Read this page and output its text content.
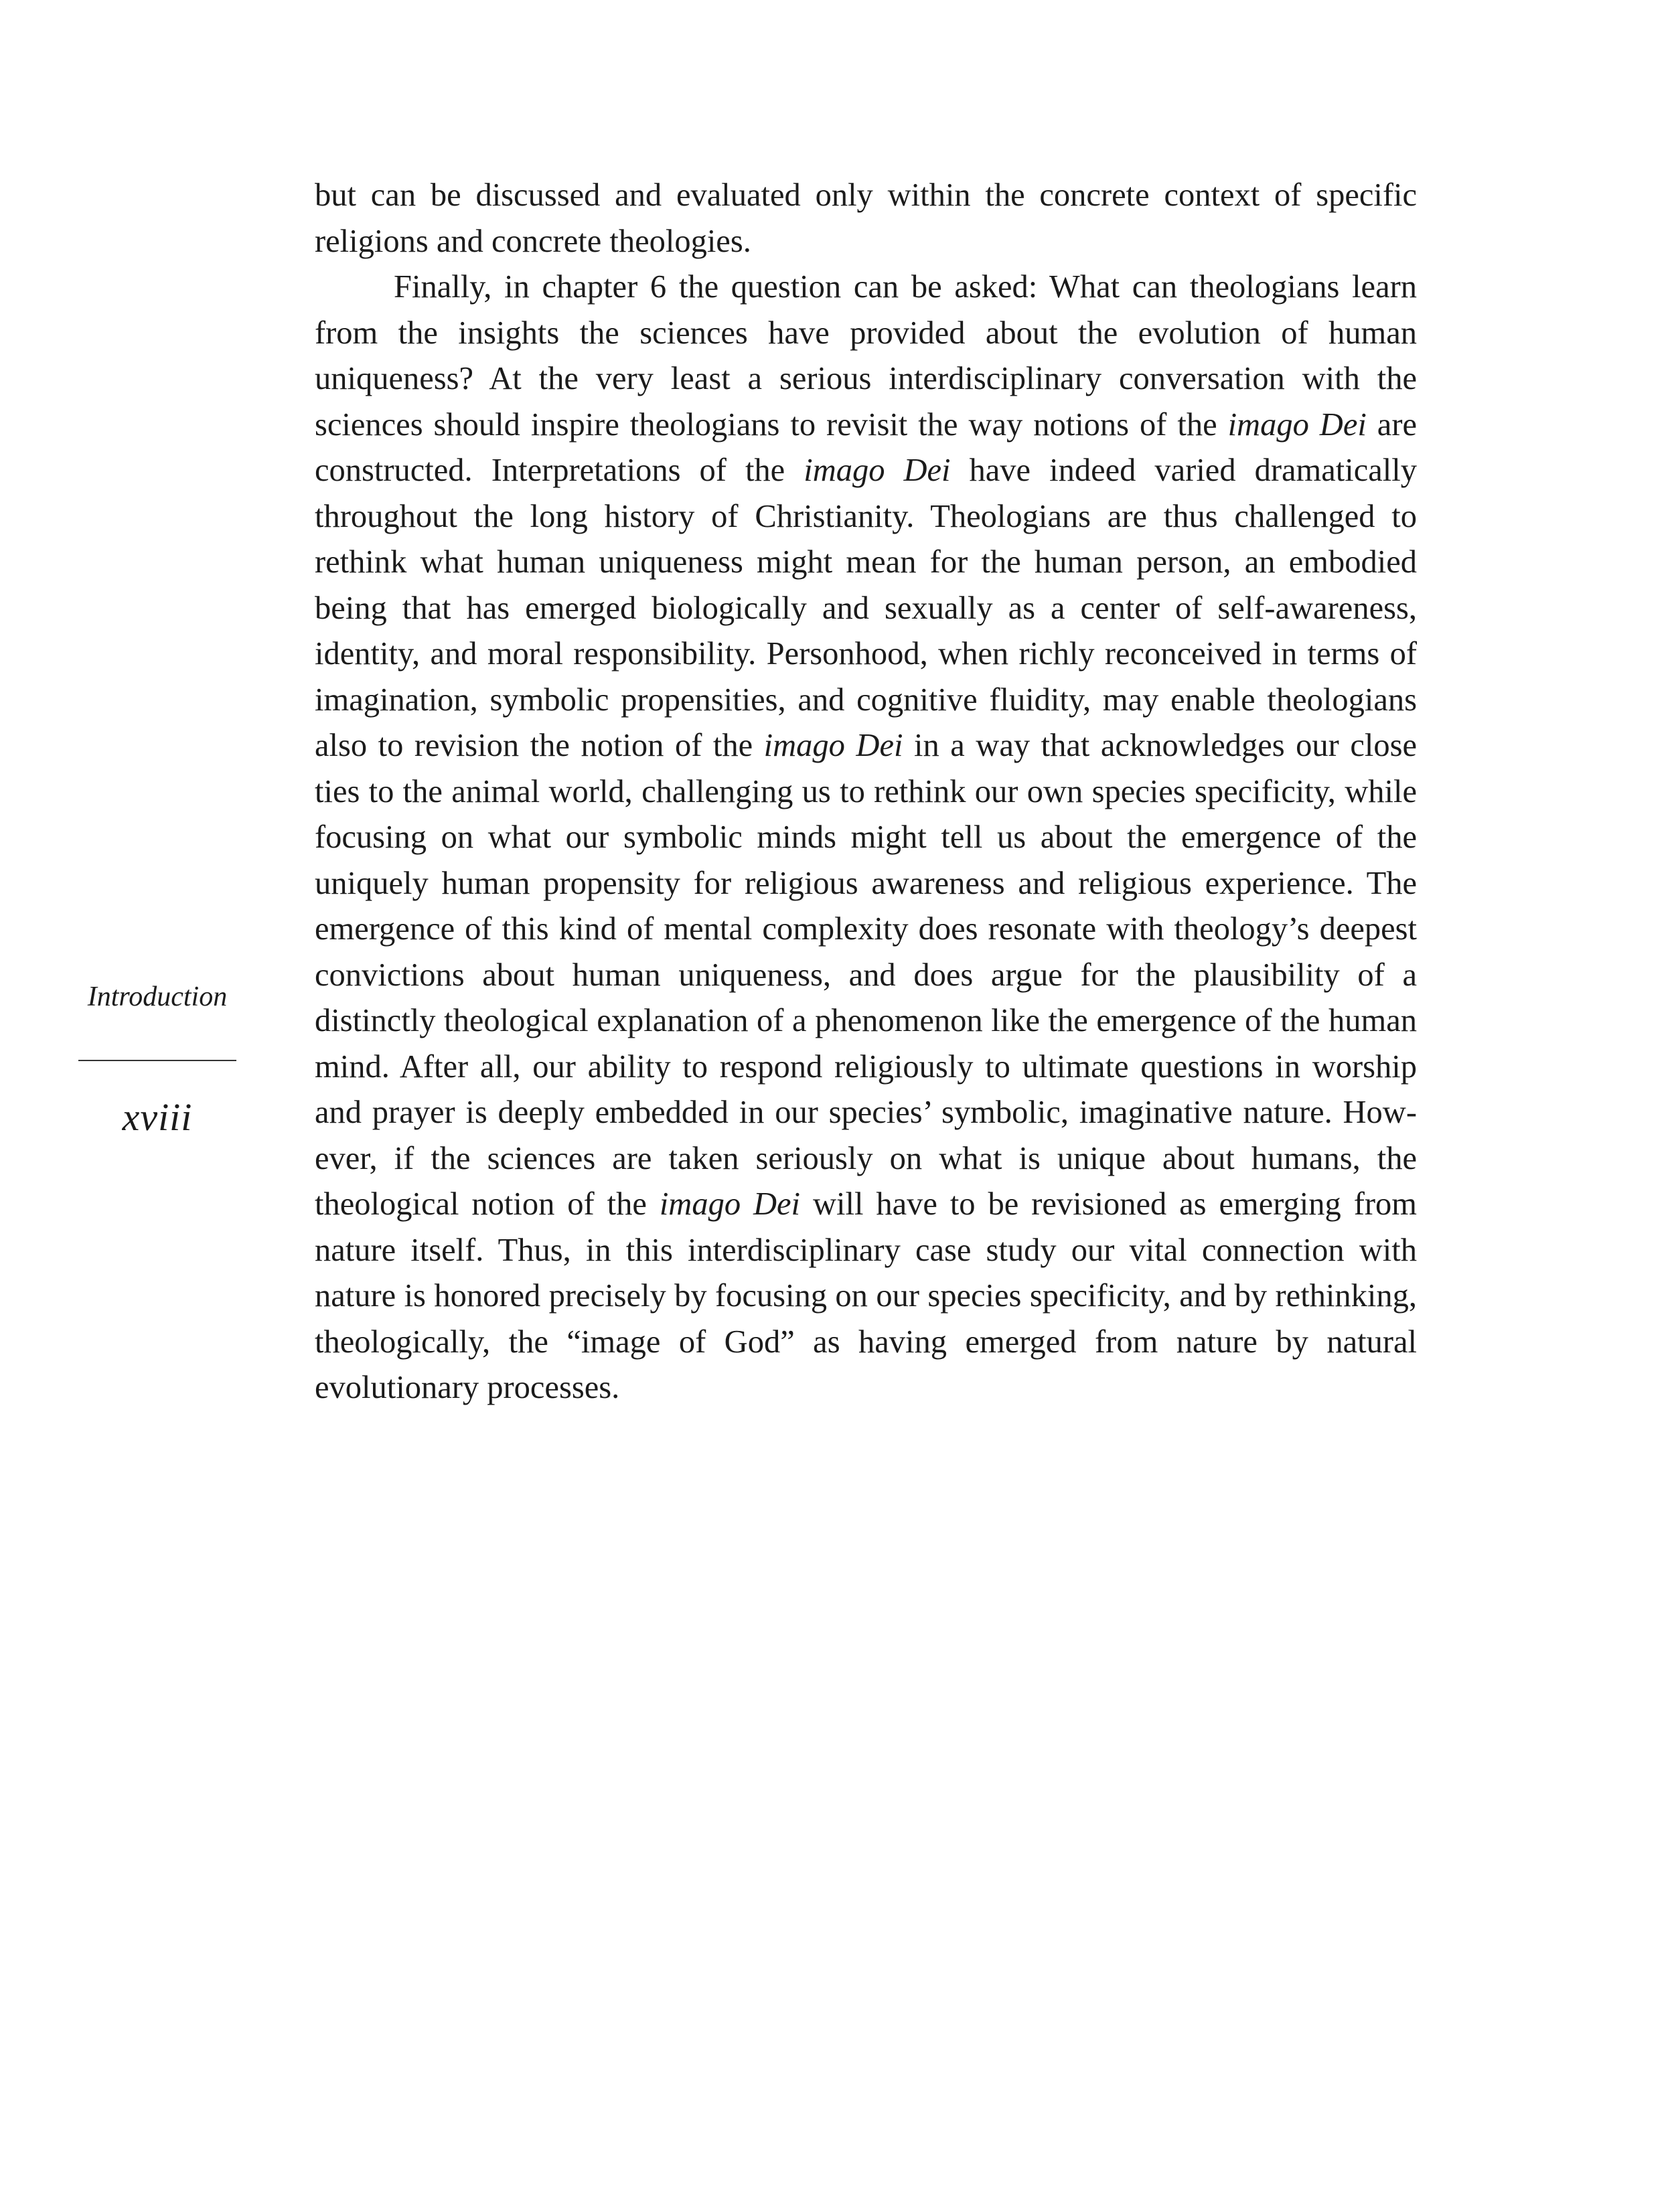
but can be discussed and evaluated only within the concrete context of specific religions and concrete theologies.

Finally, in chapter 6 the question can be asked: What can theologians learn from the insights the sciences have provided about the evolution of human uniqueness? At the very least a serious interdisciplinary conversation with the sciences should inspire theologians to revisit the way notions of the imago Dei are constructed. Interpretations of the imago Dei have indeed varied dramatically throughout the long history of Christianity. Theologians are thus challenged to rethink what human uniqueness might mean for the human person, an embodied being that has emerged biologically and sexually as a center of self-awareness, identity, and moral responsibility. Personhood, when richly reconceived in terms of imagination, symbolic propensities, and cognitive fluidity, may enable theologians also to revision the notion of the imago Dei in a way that acknowledges our close ties to the animal world, challenging us to rethink our own species specificity, while focusing on what our symbolic minds might tell us about the emergence of the uniquely human propensity for religious awareness and religious experience. The emergence of this kind of mental complexity does resonate with theology’s deepest convictions about human uniqueness, and does argue for the plausibility of a distinctly theological explanation of a phenomenon like the emergence of the human mind. After all, our ability to respond religiously to ultimate questions in worship and prayer is deeply embedded in our species’ symbolic, imaginative nature. However, if the sciences are taken seriously on what is unique about humans, the theological notion of the imago Dei will have to be revisioned as emerging from nature itself. Thus, in this interdisciplinary case study our vital connection with nature is honored precisely by focusing on our species specificity, and by rethinking, theologically, the “image of God” as having emerged from nature by natural evolutionary processes.

Introduction
xviii
